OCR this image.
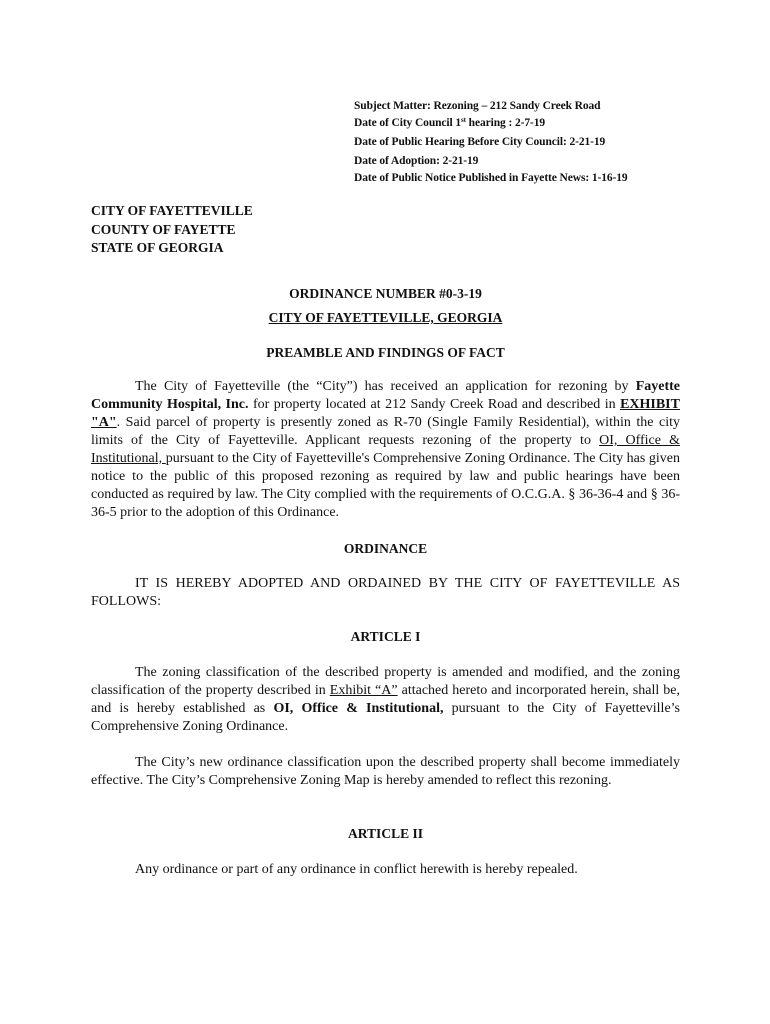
Subject Matter: Rezoning – 212 Sandy Creek Road
Date of City Council 1st hearing : 2-7-19
Date of Public Hearing Before City Council: 2-21-19
Date of Adoption: 2-21-19
Date of Public Notice Published in Fayette News: 1-16-19
CITY OF FAYETTEVILLE
COUNTY OF FAYETTE
STATE OF GEORGIA
ORDINANCE NUMBER #0-3-19
CITY OF FAYETTEVILLE, GEORGIA
PREAMBLE AND FINDINGS OF FACT
The City of Fayetteville (the “City”) has received an application for rezoning by Fayette Community Hospital, Inc. for property located at 212 Sandy Creek Road and described in EXHIBIT "A". Said parcel of property is presently zoned as R-70 (Single Family Residential), within the city limits of the City of Fayetteville. Applicant requests rezoning of the property to OI, Office & Institutional, pursuant to the City of Fayetteville's Comprehensive Zoning Ordinance. The City has given notice to the public of this proposed rezoning as required by law and public hearings have been conducted as required by law. The City complied with the requirements of O.C.G.A. § 36-36-4 and § 36-36-5 prior to the adoption of this Ordinance.
ORDINANCE
IT IS HEREBY ADOPTED AND ORDAINED BY THE CITY OF FAYETTEVILLE AS FOLLOWS:
ARTICLE I
The zoning classification of the described property is amended and modified, and the zoning classification of the property described in Exhibit “A” attached hereto and incorporated herein, shall be, and is hereby established as OI, Office & Institutional, pursuant to the City of Fayetteville’s Comprehensive Zoning Ordinance.
The City’s new ordinance classification upon the described property shall become immediately effective. The City’s Comprehensive Zoning Map is hereby amended to reflect this rezoning.
ARTICLE II
Any ordinance or part of any ordinance in conflict herewith is hereby repealed.
